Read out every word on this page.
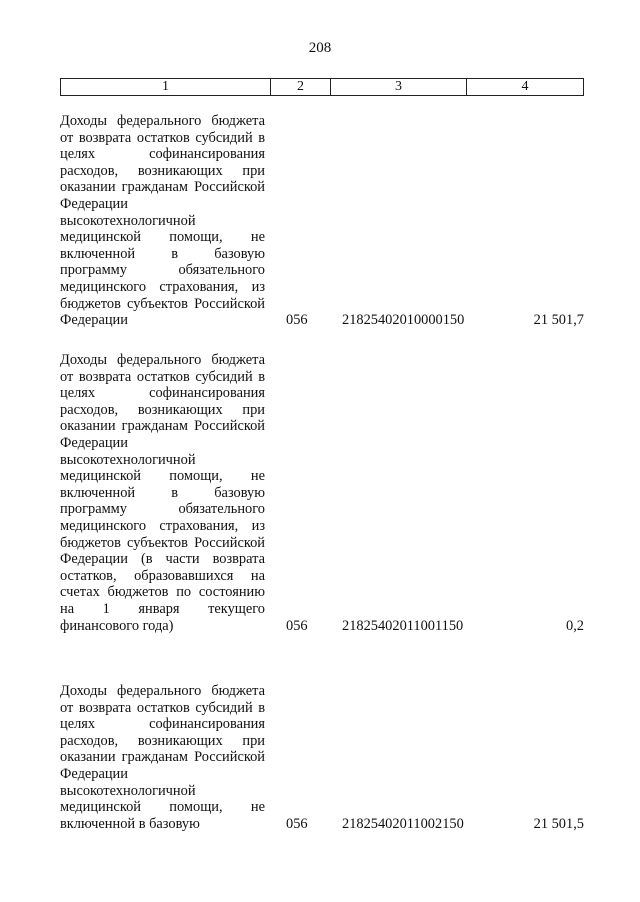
208
1	2	3	4
Доходы федерального бюджета от возврата остатков субсидий в целях софинансирования расходов, возникающих при оказании гражданам Российской Федерации высокотехнологичной медицинской помощи, не включенной в базовую программу обязательного медицинского страхования, из бюджетов субъектов Российской Федерации	056 21825402010000150	21 501,7
Доходы федерального бюджета от возврата остатков субсидий в целях софинансирования расходов, возникающих при оказании гражданам Российской Федерации высокотехнологичной медицинской помощи, не включенной в базовую программу обязательного медицинского страхования, из бюджетов субъектов Российской Федерации (в части возврата остатков, образовавшихся на счетах бюджетов по состоянию на 1 января текущего финансового года)	056 21825402011001150	0,2
Доходы федерального бюджета от возврата остатков субсидий в целях софинансирования расходов, возникающих при оказании гражданам Российской Федерации высокотехнологичной медицинской помощи, не включенной в базовую	056 21825402011002150	21 501,5
